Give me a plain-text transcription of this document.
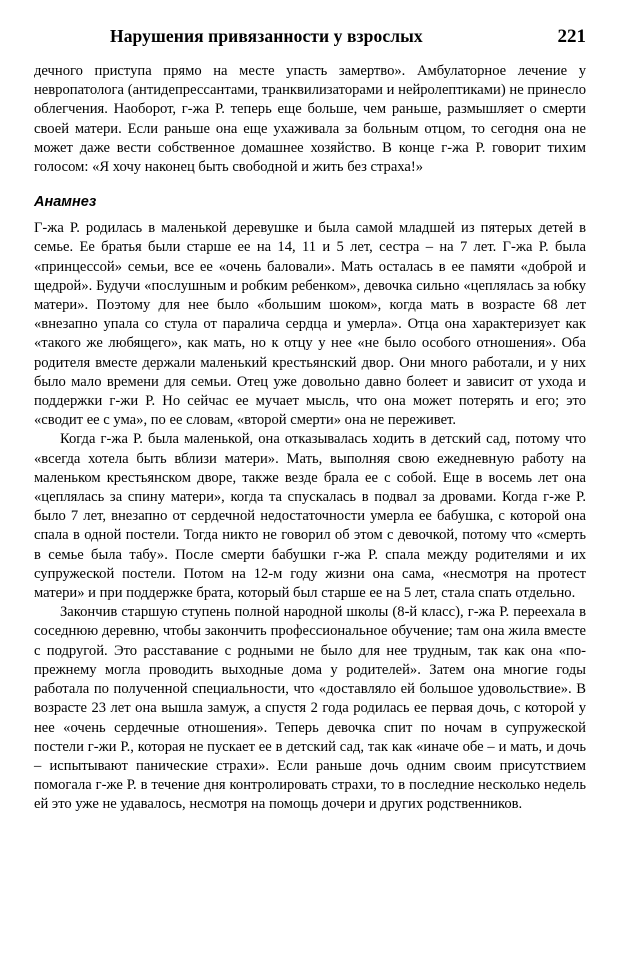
Нарушения привязанности у взрослых	221

дечного приступа прямо на месте упасть замертво». Амбулаторное лечение у невропатолога (антидепрессантами, транквилизаторами и нейролептиками) не принесло облегчения. Наоборот, г-жа Р. теперь еще больше, чем раньше, размышляет о смерти своей матери. Если раньше она еще ухаживала за больным отцом, то сегодня она не может даже вести собственное домашнее хозяйство. В конце г-жа Р. говорит тихим голосом: «Я хочу наконец быть свободной и жить без страха!»

Анамнез

Г-жа Р. родилась в маленькой деревушке и была самой младшей из пятерых детей в семье. Ее братья были старше ее на 14, 11 и 5 лет, сестра – на 7 лет. Г-жа Р. была «принцессой» семьи, все ее «очень баловали». Мать осталась в ее памяти «доброй и щедрой». Будучи «послушным и робким ребенком», девочка сильно «цеплялась за юбку матери». Поэтому для нее было «большим шоком», когда мать в возрасте 68 лет «внезапно упала со стула от паралича сердца и умерла». Отца она характеризует как «такого же любящего», как мать, но к отцу у нее «не было особого отношения». Оба родителя вместе держали маленький крестьянский двор. Они много работали, и у них было мало времени для семьи. Отец уже довольно давно болеет и зависит от ухода и поддержки г-жи Р. Но сейчас ее мучает мысль, что она может потерять и его; это «сводит ее с ума», по ее словам, «второй смерти» она не переживет.

Когда г-жа Р. была маленькой, она отказывалась ходить в детский сад, потому что «всегда хотела быть вблизи матери». Мать, выполняя свою ежедневную работу на маленьком крестьянском дворе, также везде брала ее с собой. Еще в восемь лет она «цеплялась за спину матери», когда та спускалась в подвал за дровами. Когда г-же Р. было 7 лет, внезапно от сердечной недостаточности умерла ее бабушка, с которой она спала в одной постели. Тогда никто не говорил об этом с девочкой, потому что «смерть в семье была табу». После смерти бабушки г-жа Р. спала между родителями и их супружеской постели. Потом на 12-м году жизни она сама, «несмотря на протест матери» и при поддержке брата, который был старше ее на 5 лет, стала спать отдельно.

Закончив старшую ступень полной народной школы (8-й класс), г-жа Р. переехала в соседнюю деревню, чтобы закончить профессиональное обучение; там она жила вместе с подругой. Это расставание с родными не было для нее трудным, так как она «по-прежнему могла проводить выходные дома у родителей». Затем она многие годы работала по полученной специальности, что «доставляло ей большое удовольствие». В возрасте 23 лет она вышла замуж, а спустя 2 года родилась ее первая дочь, с которой у нее «очень сердечные отношения». Теперь девочка спит по ночам в супружеской постели г-жи Р., которая не пускает ее в детский сад, так как «иначе обе – и мать, и дочь – испытывают панические страхи». Если раньше дочь одним своим присутствием помогала г-же Р. в течение дня контролировать страхи, то в последние несколько недель ей это уже не удавалось, несмотря на помощь дочери и других родственников.
